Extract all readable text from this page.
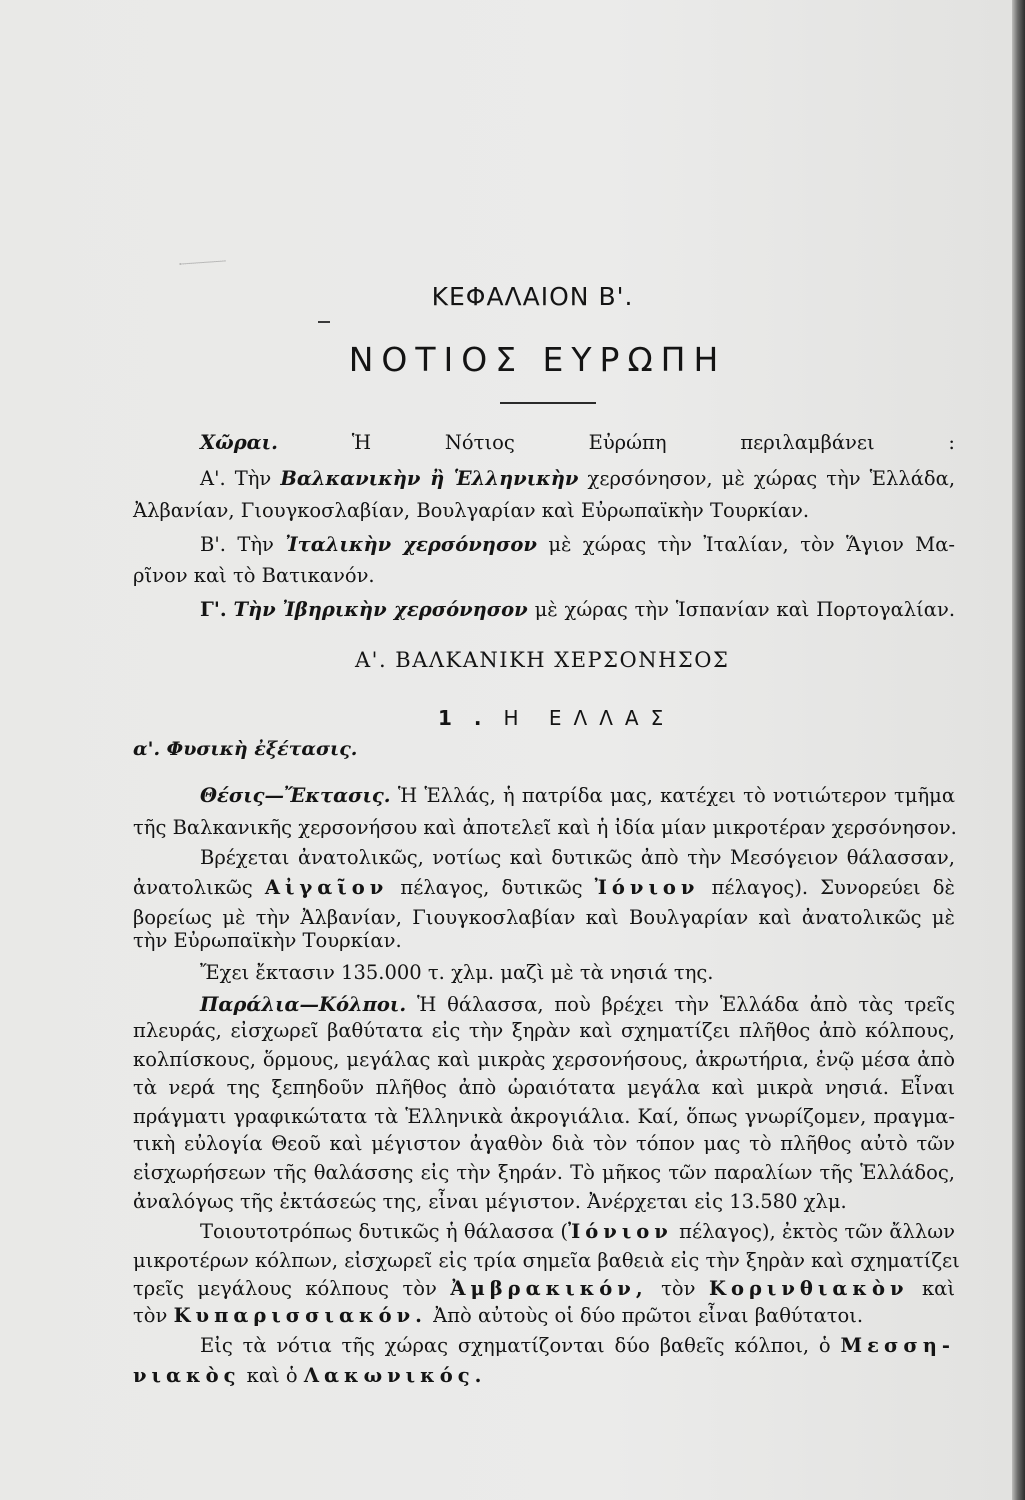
ΚΕΦΑΛΑΙΟΝ Β'.
ΝΟΤΙΟΣ ΕΥΡΩΠΗ
Χῶραι.	Ἡ Νότιος Εὐρώπη περιλαμβάνει :
Α'. Τὴν Βαλκανικὴν ἢ Ἑλληνικὴν χερσόνησον, μὲ χώρας τὴν Ἑλλάδα,
Ἀλβανίαν, Γιουγκοσλαβίαν, Βουλγαρίαν καὶ Εὐρωπαϊκὴν Τουρκίαν.
Β'. Τὴν Ἰταλικὴν χερσόνησον μὲ χώρας τὴν Ἰταλίαν, τὸν Ἅγιον Μα-
ρῖνον καὶ τὸ Βατικανόν.
Γ'. Τὴν Ἰβηρικὴν χερσόνησον μὲ χώρας τὴν Ἱσπανίαν καὶ Πορτογαλίαν.
Α'. ΒΑΛΚΑΝΙΚΗ ΧΕΡΣΟΝΗΣΟΣ
1.Η ΕΛΛΑΣ
α'. Φυσικὴ ἐξέτασις.
Θέσις—Ἔκτασις. Ἡ Ἑλλάς, ἡ πατρίδα μας, κατέχει τὸ νοτιώτερον τμῆμα
τῆς Βαλκανικῆς χερσονήσου καὶ ἀποτελεῖ καὶ ἡ ἰδία μίαν μικροτέραν χερσόνησον.
Βρέχεται ἀνατολικῶς, νοτίως καὶ δυτικῶς ἀπὸ τὴν Μεσόγειον θάλασσαν,
ἀνατολικῶς Αἰγαῖον πέλαγος, δυτικῶς Ἰόνιον πέλαγος). Συνορεύει δὲ
βορείως μὲ τὴν Ἀλβανίαν, Γιουγκοσλαβίαν καὶ Βουλγαρίαν καὶ ἀνατολικῶς μὲ
τὴν Εὐρωπαϊκὴν Τουρκίαν.
Ἔχει ἔκτασιν 135.000 τ. χλμ. μαζὶ μὲ τὰ νησιά της.
Παράλια—Κόλποι. Ἡ θάλασσα, ποὺ βρέχει τὴν Ἑλλάδα ἀπὸ τὰς τρεῖς
πλευράς, εἰσχωρεῖ βαθύτατα εἰς τὴν ξηρὰν καὶ σχηματίζει πλῆθος ἀπὸ κόλπους,
κολπίσκους, ὅρμους, μεγάλας καὶ μικρὰς χερσονήσους, ἀκρωτήρια, ἐνῷ μέσα ἀπὸ
τὰ νερά της ξεπηδοῦν πλῆθος ἀπὸ ὡραιότατα μεγάλα καὶ μικρὰ νησιά. Εἶναι
πράγματι γραφικώτατα τὰ Ἑλληνικὰ ἀκρογιάλια. Καί, ὅπως γνωρίζομεν, πραγμα-
τικὴ εὐλογία Θεοῦ καὶ μέγιστον ἀγαθὸν διὰ τὸν τόπον μας τὸ πλῆθος αὐτὸ τῶν
εἰσχωρήσεων τῆς θαλάσσης εἰς τὴν ξηράν. Τὸ μῆκος τῶν παραλίων τῆς Ἑλλάδος,
ἀναλόγως τῆς ἐκτάσεώς της, εἶναι μέγιστον. Ἀνέρχεται εἰς 13.580 χλμ.
Τοιουτοτρόπως δυτικῶς ἡ θάλασσα (Ἰόνιον πέλαγος), ἐκτὸς τῶν ἄλλων
μικροτέρων κόλπων, εἰσχωρεῖ εἰς τρία σημεῖα βαθειὰ εἰς τὴν ξηρὰν καὶ σχηματίζει
τρεῖς μεγάλους κόλπους τὸν Ἀμβρακικόν, τὸν Κορινθιακὸν καὶ
τὸν Κυπαρισσιακόν. Ἀπὸ αὐτοὺς οἱ δύο πρῶτοι εἶναι βαθύτατοι.
Εἰς τὰ νότια τῆς χώρας σχηματίζονται δύο βαθεῖς κόλποι, ὁ Μεσση-
νιακὸς καὶ ὁ Λακωνικός.
